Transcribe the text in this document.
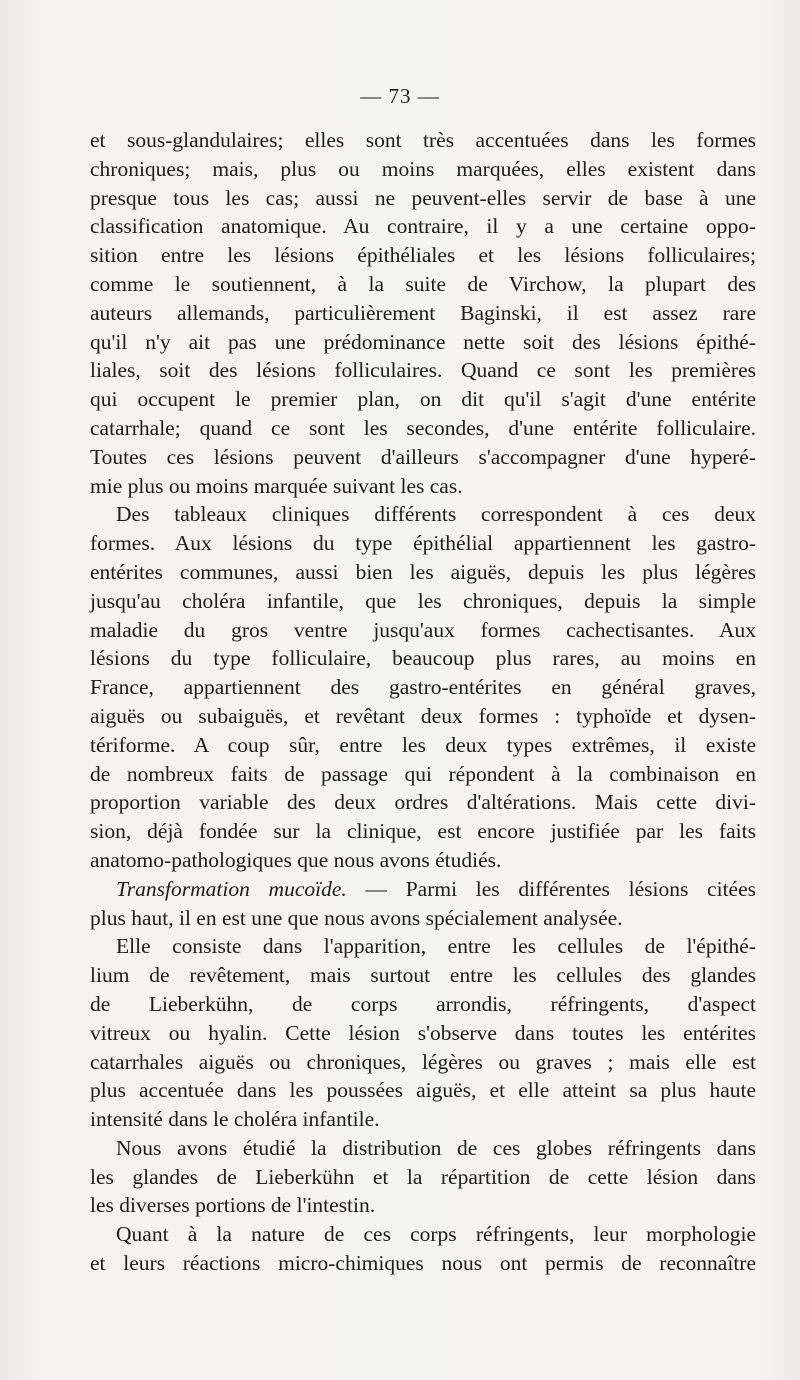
— 73 —
et sous-glandulaires; elles sont très accentuées dans les formes
chroniques; mais, plus ou moins marquées, elles existent dans
presque tous les cas; aussi ne peuvent-elles servir de base à une
classification anatomique. Au contraire, il y a une certaine oppo-
sition entre les lésions épithéliales et les lésions folliculaires;
comme le soutiennent, à la suite de Virchow, la plupart des
auteurs allemands, particulièrement Baginski, il est assez rare
qu'il n'y ait pas une prédominance nette soit des lésions épithé-
liales, soit des lésions folliculaires. Quand ce sont les premières
qui occupent le premier plan, on dit qu'il s'agit d'une entérite
catarrhale; quand ce sont les secondes, d'une entérite folliculaire.
Toutes ces lésions peuvent d'ailleurs s'accompagner d'une hyperé-
mie plus ou moins marquée suivant les cas.
Des tableaux cliniques différents correspondent à ces deux
formes. Aux lésions du type épithélial appartiennent les gastro-
entérites communes, aussi bien les aiguës, depuis les plus légères
jusqu'au choléra infantile, que les chroniques, depuis la simple
maladie du gros ventre jusqu'aux formes cachectisantes. Aux
lésions du type folliculaire, beaucoup plus rares, au moins en
France, appartiennent des gastro-entérites en général graves,
aiguës ou subaiguës, et revêtant deux formes : typhoïde et dysen-
tériforme. A coup sûr, entre les deux types extrêmes, il existe
de nombreux faits de passage qui répondent à la combinaison en
proportion variable des deux ordres d'altérations. Mais cette divi-
sion, déjà fondée sur la clinique, est encore justifiée par les faits
anatomo-pathologiques que nous avons étudiés.
Transformation mucoïde. — Parmi les différentes lésions citées
plus haut, il en est une que nous avons spécialement analysée.
Elle consiste dans l'apparition, entre les cellules de l'épithé-
lium de revêtement, mais surtout entre les cellules des glandes
de Lieberkühn, de corps arrondis, réfringents, d'aspect
vitreux ou hyalin. Cette lésion s'observe dans toutes les entérites
catarrhales aiguës ou chroniques, légères ou graves ; mais elle est
plus accentuée dans les poussées aiguës, et elle atteint sa plus haute
intensité dans le choléra infantile.
Nous avons étudié la distribution de ces globes réfringents dans
les glandes de Lieberkühn et la répartition de cette lésion dans
les diverses portions de l'intestin.
Quant à la nature de ces corps réfringents, leur morphologie
et leurs réactions micro-chimiques nous ont permis de reconnaître
